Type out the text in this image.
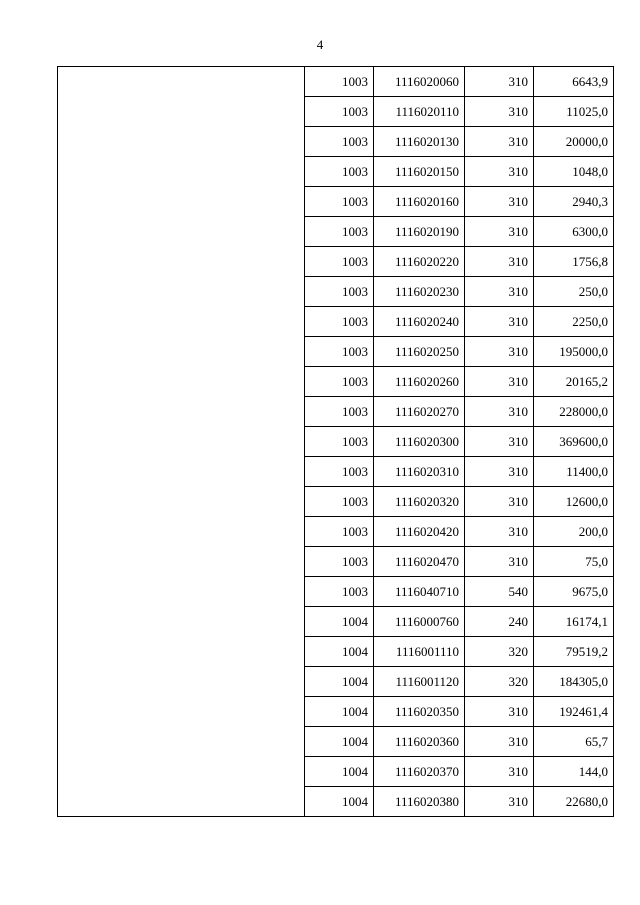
4
	1003	1116020060	310	6643,9
	1003	1116020110	310	11025,0
	1003	1116020130	310	20000,0
	1003	1116020150	310	1048,0
	1003	1116020160	310	2940,3
	1003	1116020190	310	6300,0
	1003	1116020220	310	1756,8
	1003	1116020230	310	250,0
	1003	1116020240	310	2250,0
	1003	1116020250	310	195000,0
	1003	1116020260	310	20165,2
	1003	1116020270	310	228000,0
	1003	1116020300	310	369600,0
	1003	1116020310	310	11400,0
	1003	1116020320	310	12600,0
	1003	1116020420	310	200,0
	1003	1116020470	310	75,0
	1003	1116040710	540	9675,0
	1004	1116000760	240	16174,1
	1004	1116001110	320	79519,2
	1004	1116001120	320	184305,0
	1004	1116020350	310	192461,4
	1004	1116020360	310	65,7
	1004	1116020370	310	144,0
	1004	1116020380	310	22680,0
